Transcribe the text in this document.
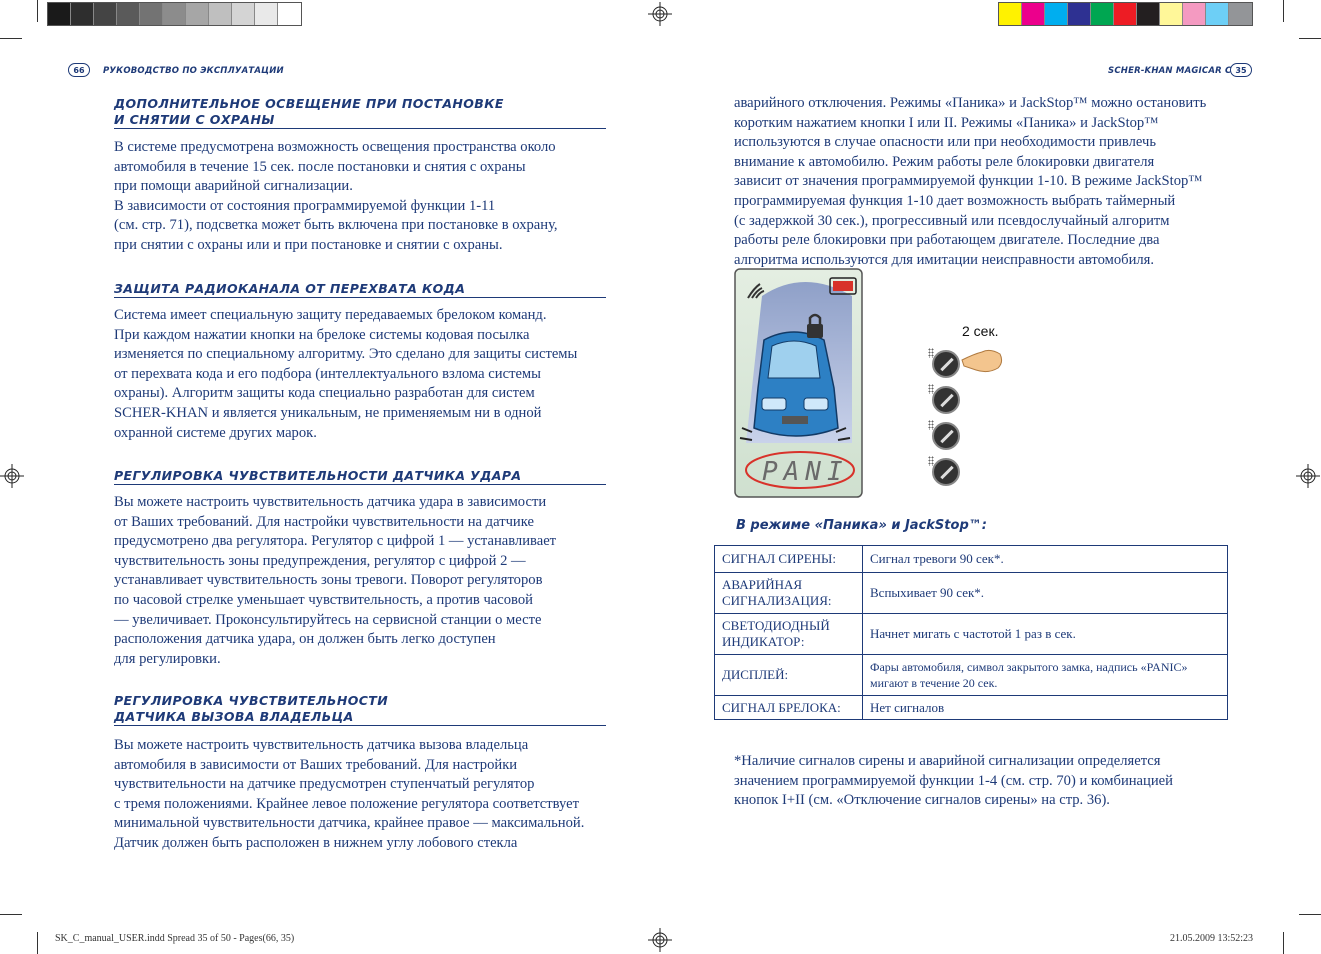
66	РУКОВОДСТВО ПО ЭКСПЛУАТАЦИИ	SCHER-KHAN MAGICAR C 35
ДОПОЛНИТЕЛЬНОЕ ОСВЕЩЕНИЕ ПРИ ПОСТАНОВКЕ
И СНЯТИИ С ОХРАНЫ
В системе предусмотрена возможность освещения пространства около
автомобиля в течение 15 сек. после постановки и снятия с охраны
при помощи аварийной сигнализации.
В зависимости от состояния программируемой функции 1-11
(см. стр. 71), подсветка может быть включена при постановке в охрану,
при снятии с охраны или и при постановке и снятии с охраны.
ЗАЩИТА РАДИОКАНАЛА ОТ ПЕРЕХВАТА КОДА
Система имеет специальную защиту передаваемых брелоком команд.
При каждом нажатии кнопки на брелоке системы кодовая посылка
изменяется по специальному алгоритму. Это сделано для защиты системы
от перехвата кода и его подбора (интеллектуального взлома системы
охраны). Алгоритм защиты кода специально разработан для систем
SCHER-KHAN и является уникальным, не применяемым ни в одной
охранной системе других марок.
РЕГУЛИРОВКА ЧУВСТВИТЕЛЬНОСТИ ДАТЧИКА УДАРА
Вы можете настроить чувствительность датчика удара в зависимости
от Ваших требований. Для настройки чувствительности на датчике
предусмотрено два регулятора. Регулятор с цифрой 1 — устанавливает
чувствительность зоны предупреждения, регулятор с цифрой 2 —
устанавливает чувствительность зоны тревоги. Поворот регуляторов
по часовой стрелке уменьшает чувствительность, а против часовой
— увеличивает. Проконсультируйтесь на сервисной станции о месте
расположения датчика удара, он должен быть легко доступен
для регулировки.
РЕГУЛИРОВКА ЧУВСТВИТЕЛЬНОСТИ
ДАТЧИКА ВЫЗОВА ВЛАДЕЛЬЦА
Вы можете настроить чувствительность датчика вызова владельца
автомобиля в зависимости от Ваших требований. Для настройки
чувствительности на датчике предусмотрен ступенчатый регулятор
с тремя положениями. Крайнее левое положение регулятора соответствует
минимальной чувствительности датчика, крайнее правое — максимальной.
Датчик должен быть расположен в нижнем углу лобового стекла
аварийного отключения. Режимы «Паника» и JackStop™ можно остановить
коротким нажатием кнопки I или II. Режимы «Паника» и JackStop™
используются в случае опасности или при необходимости привлечь
внимание к автомобилю. Режим работы реле блокировки двигателя
зависит от значения программируемой функции 1-10. В режиме JackStop™
программируемая функция 1-10 дает возможность выбрать таймерный
(с задержкой 30 сек.), прогрессивный или псевдослучайный алгоритм
работы реле блокировки при работающем двигателе. Последние два
алгоритма используются для имитации неисправности автомобиля.
PANI
2 сек.
В режиме «Паника» и JackStop™:
СИГНАЛ СИРЕНЫ:	Сигнал тревоги 90 сек*.
АВАРИЙНАЯ СИГНАЛИЗАЦИЯ:	Вспыхивает 90 сек*.
СВЕТОДИОДНЫЙ ИНДИКАТОР:	Начнет мигать с частотой 1 раз в сек.
ДИСПЛЕЙ:	Фары автомобиля, символ закрытого замка, надпись «PANIC» мигают в течение 20 сек.
СИГНАЛ БРЕЛОКА:	Нет сигналов
*Наличие сигналов сирены и аварийной сигнализации определяется
значением программируемой функции 1-4 (см. стр. 70) и комбинацией
кнопок I+II (см. «Отключение сигналов сирены» на стр. 36).
SK_C_manual_USER.indd Spread 35 of 50 - Pages(66, 35)	21.05.2009 13:52:23
